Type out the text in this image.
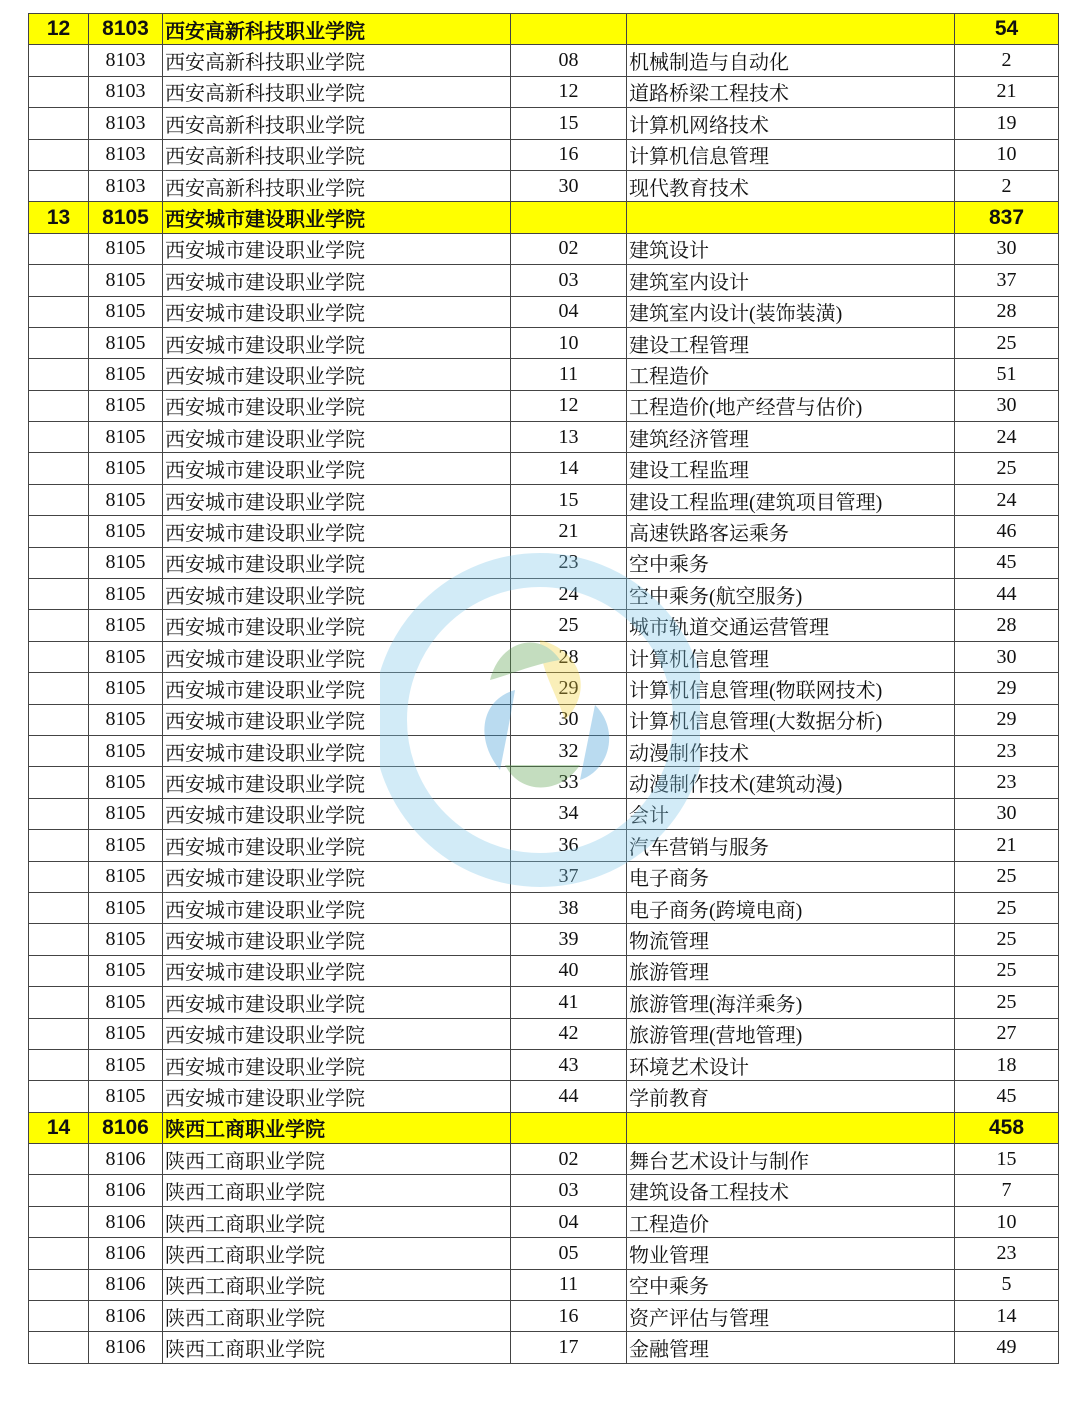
12	8103	西安高新科技职业学院			54
	8103	西安高新科技职业学院	08	机械制造与自动化	2
	8103	西安高新科技职业学院	12	道路桥梁工程技术	21
	8103	西安高新科技职业学院	15	计算机网络技术	19
	8103	西安高新科技职业学院	16	计算机信息管理	10
	8103	西安高新科技职业学院	30	现代教育技术	2
13	8105	西安城市建设职业学院			837
	8105	西安城市建设职业学院	02	建筑设计	30
	8105	西安城市建设职业学院	03	建筑室内设计	37
	8105	西安城市建设职业学院	04	建筑室内设计(装饰装潢)	28
	8105	西安城市建设职业学院	10	建设工程管理	25
	8105	西安城市建设职业学院	11	工程造价	51
	8105	西安城市建设职业学院	12	工程造价(地产经营与估价)	30
	8105	西安城市建设职业学院	13	建筑经济管理	24
	8105	西安城市建设职业学院	14	建设工程监理	25
	8105	西安城市建设职业学院	15	建设工程监理(建筑项目管理)	24
	8105	西安城市建设职业学院	21	高速铁路客运乘务	46
	8105	西安城市建设职业学院	23	空中乘务	45
	8105	西安城市建设职业学院	24	空中乘务(航空服务)	44
	8105	西安城市建设职业学院	25	城市轨道交通运营管理	28
	8105	西安城市建设职业学院	28	计算机信息管理	30
	8105	西安城市建设职业学院	29	计算机信息管理(物联网技术)	29
	8105	西安城市建设职业学院	30	计算机信息管理(大数据分析)	29
	8105	西安城市建设职业学院	32	动漫制作技术	23
	8105	西安城市建设职业学院	33	动漫制作技术(建筑动漫)	23
	8105	西安城市建设职业学院	34	会计	30
	8105	西安城市建设职业学院	36	汽车营销与服务	21
	8105	西安城市建设职业学院	37	电子商务	25
	8105	西安城市建设职业学院	38	电子商务(跨境电商)	25
	8105	西安城市建设职业学院	39	物流管理	25
	8105	西安城市建设职业学院	40	旅游管理	25
	8105	西安城市建设职业学院	41	旅游管理(海洋乘务)	25
	8105	西安城市建设职业学院	42	旅游管理(营地管理)	27
	8105	西安城市建设职业学院	43	环境艺术设计	18
	8105	西安城市建设职业学院	44	学前教育	45
14	8106	陕西工商职业学院			458
	8106	陕西工商职业学院	02	舞台艺术设计与制作	15
	8106	陕西工商职业学院	03	建筑设备工程技术	7
	8106	陕西工商职业学院	04	工程造价	10
	8106	陕西工商职业学院	05	物业管理	23
	8106	陕西工商职业学院	11	空中乘务	5
	8106	陕西工商职业学院	16	资产评估与管理	14
	8106	陕西工商职业学院	17	金融管理	49
